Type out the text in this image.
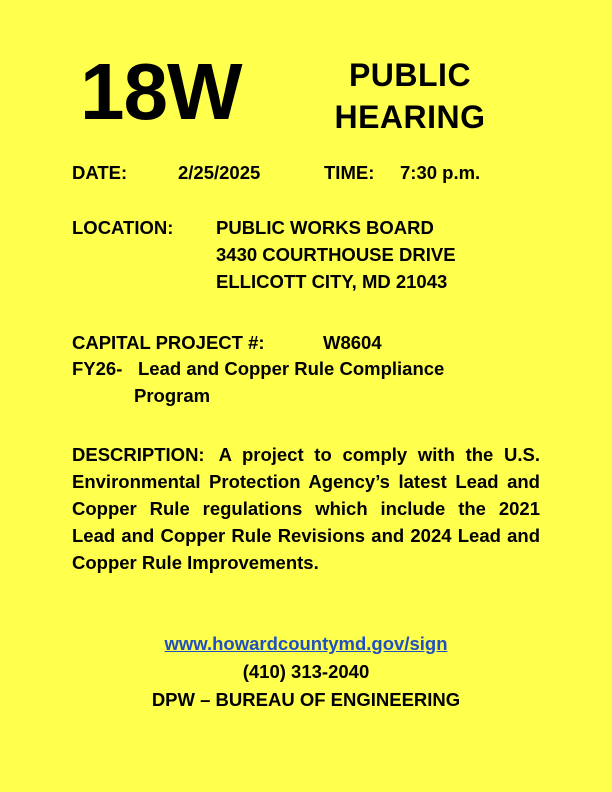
18W	PUBLIC
HEARING
DATE:	2/25/2025	TIME: 7:30 p.m.
LOCATION: PUBLIC WORKS BOARD
3430 COURTHOUSE DRIVE
ELLICOTT CITY, MD 21043
CAPITAL PROJECT #:	W8604
FY26- Lead and Copper Rule Compliance
Program
DESCRIPTION: A project to comply with the U.S. Environmental Protection Agency’s latest Lead and Copper Rule regulations which include the 2021 Lead and Copper Rule Revisions and 2024 Lead and Copper Rule Improvements.
www.howardcountymd.gov/sign
(410) 313-2040
DPW – BUREAU OF ENGINEERING
